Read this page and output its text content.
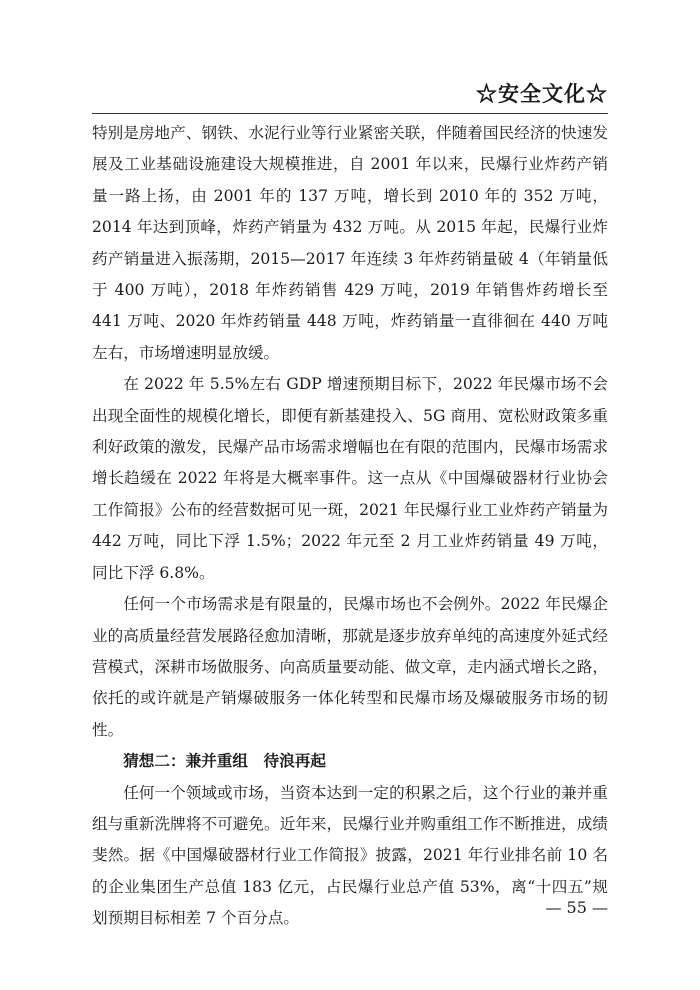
☆安全文化☆

特别是房地产、钢铁、水泥行业等行业紧密关联，伴随着国民经济的快速发展及工业基础设施建设大规模推进，自 2001 年以来，民爆行业炸药产销量一路上扬，由 2001 年的 137 万吨，增长到 2010 年的 352 万吨，2014 年达到顶峰，炸药产销量为 432 万吨。从 2015 年起，民爆行业炸药产销量进入振荡期，2015—2017 年连续 3 年炸药销量破 4（年销量低于 400 万吨），2018 年炸药销售 429 万吨，2019 年销售炸药增长至 441 万吨、2020 年炸药销量 448 万吨，炸药销量一直徘徊在 440 万吨左右，市场增速明显放缓。

在 2022 年 5.5%左右 GDP 增速预期目标下，2022 年民爆市场不会出现全面性的规模化增长，即便有新基建投入、5G 商用、宽松财政策多重利好政策的激发，民爆产品市场需求增幅也在有限的范围内，民爆市场需求增长趋缓在 2022 年将是大概率事件。这一点从《中国爆破器材行业协会工作简报》公布的经营数据可见一斑，2021 年民爆行业工业炸药产销量为 442 万吨，同比下浮 1.5%；2022 年元至 2 月工业炸药销量 49 万吨，同比下浮 6.8%。

任何一个市场需求是有限量的，民爆市场也不会例外。2022 年民爆企业的高质量经营发展路径愈加清晰，那就是逐步放弃单纯的高速度外延式经营模式，深耕市场做服务、向高质量要动能、做文章，走内涵式增长之路，依托的或许就是产销爆破服务一体化转型和民爆市场及爆破服务市场的韧性。

猜想二：兼并重组　待浪再起

任何一个领域或市场，当资本达到一定的积累之后，这个行业的兼并重组与重新洗牌将不可避免。近年来，民爆行业并购重组工作不断推进，成绩斐然。据《中国爆破器材行业工作简报》披露，2021 年行业排名前 10 名的企业集团生产总值 183 亿元，占民爆行业总产值 53%，离“十四五”规划预期目标相差 7 个百分点。

— 55 —
